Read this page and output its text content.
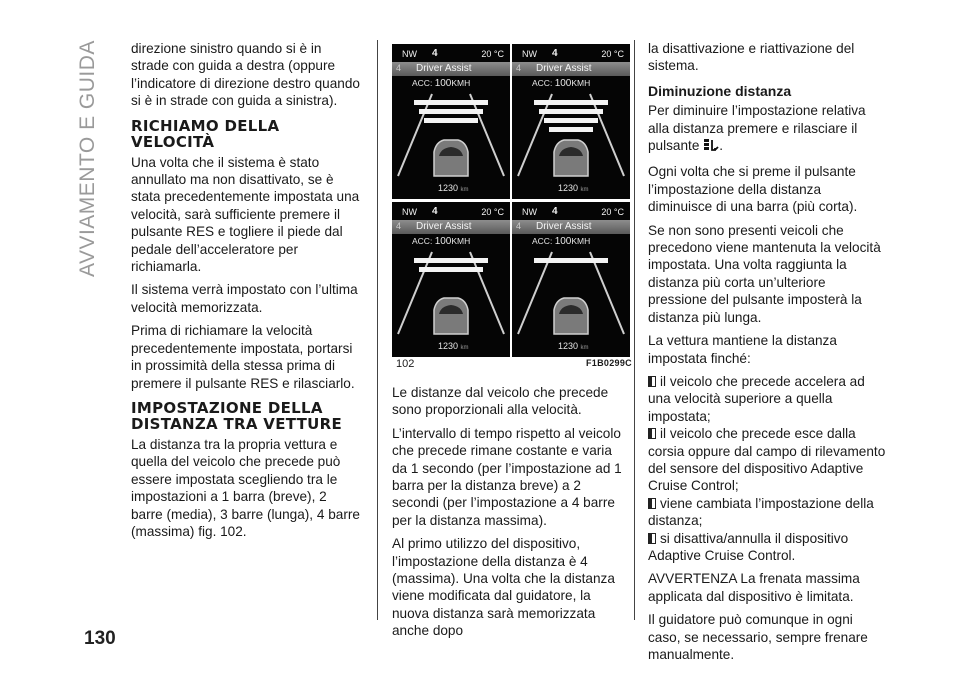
AVVIAMENTO E GUIDA
130

direzione sinistro quando si è in strade con guida a destra (oppure l’indicatore di direzione destro quando si è in strade con guida a sinistra).

RICHIAMO DELLA VELOCITÀ

Una volta che il sistema è stato annullato ma non disattivato, se è stata precedentemente impostata una velocità, sarà sufficiente premere il pulsante RES e togliere il piede dal pedale dell’acceleratore per richiamarla.

Il sistema verrà impostato con l’ultima velocità memorizzata.

Prima di richiamare la velocità precedentemente impostata, portarsi in prossimità della stessa prima di premere il pulsante RES e rilasciarlo.

IMPOSTAZIONE DELLA DISTANZA TRA VETTURE

La distanza tra la propria vettura e quella del veicolo che precede può essere impostata scegliendo tra le impostazioni a 1 barra (breve), 2 barre (media), 3 barre (lunga), 4 barre (massima) fig. 102.

NW 4	20 °C
4 Driver Assist
ACC: 100KMH
1230 km
NW 4	20 °C
4 Driver Assist
ACC: 100KMH
1230 km
NW 4	20 °C
4 Driver Assist
ACC: 100KMH
1230 km
NW 4	20 °C
4 Driver Assist
ACC: 100KMH
1230 km
102	F1B0299C

Le distanze dal veicolo che precede sono proporzionali alla velocità.

L’intervallo di tempo rispetto al veicolo che precede rimane costante e varia da 1 secondo (per l’impostazione ad 1 barra per la distanza breve) a 2 secondi (per l’impostazione a 4 barre per la distanza massima).

Al primo utilizzo del dispositivo, l’impostazione della distanza è 4 (massima). Una volta che la distanza viene modificata dal guidatore, la nuova distanza sarà memorizzata anche dopo

la disattivazione e riattivazione del sistema.

Diminuzione distanza

Per diminuire l’impostazione relativa alla distanza premere e rilasciare il pulsante .

Ogni volta che si preme il pulsante l’impostazione della distanza diminuisce di una barra (più corta).

Se non sono presenti veicoli che precedono viene mantenuta la velocità impostata. Una volta raggiunta la distanza più corta un’ulteriore pressione del pulsante imposterà la distanza più lunga.

La vettura mantiene la distanza impostata finché:

il veicolo che precede accelera ad una velocità superiore a quella impostata;

il veicolo che precede esce dalla corsia oppure dal campo di rilevamento del sensore del dispositivo Adaptive Cruise Control;

viene cambiata l’impostazione della distanza;

si disattiva/annulla il dispositivo Adaptive Cruise Control.

AVVERTENZA La frenata massima applicata dal dispositivo è limitata.

Il guidatore può comunque in ogni caso, se necessario, sempre frenare manualmente.
